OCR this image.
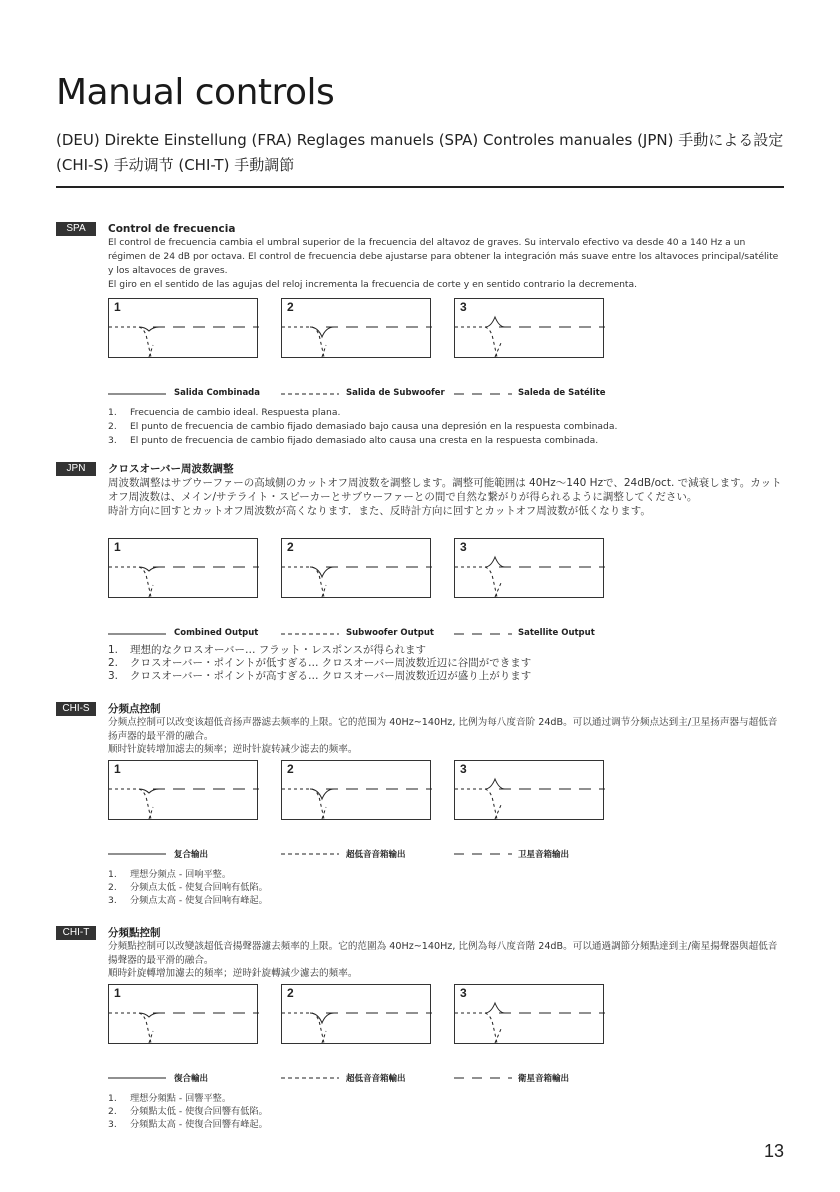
Manual controls
(DEU) Direkte Einstellung (FRA) Reglages manuels (SPA) Controles manuales (JPN) 手動による設定 (CHI-S) 手动调节 (CHI-T) 手動調節
SPA	Control de frecuencia
El control de frecuencia cambia el umbral superior de la frecuencia del altavoz de graves. Su intervalo efectivo va desde 40 a 140 Hz a un régimen de 24 dB por octava. El control de frecuencia debe ajustarse para obtener la integración más suave entre los altavoces principal/satélite y los altavoces de graves.
El giro en el sentido de las agujas del reloj incrementa la frecuencia de corte y en sentido contrario la decrementa.
1	2	3
Salida Combinada	Salida de Subwoofer	Saleda de Satélite
1. Frecuencia de cambio ideal. Respuesta plana.
2. El punto de frecuencia de cambio fijado demasiado bajo causa una depresión en la respuesta combinada.
3. El punto de frecuencia de cambio fijado demasiado alto causa una cresta en la respuesta combinada.
JPN	クロスオーバー周波数調整
周波数調整はサブウーファーの高域側のカットオフ周波数を調整します。調整可能範囲は 40Hz〜140 Hzで、24dB/oct. で減衰します。カットオフ周波数は、メイン/サテライト・スピーカーとサブウーファーとの間で自然な繋がりが得られるように調整してください。
時計方向に回すとカットオフ周波数が高くなります．また、反時計方向に回すとカットオフ周波数が低くなります。
1	2	3
Combined Output	Subwoofer Output	Satellite Output
1. 理想的なクロスオーバー… フラット・レスポンスが得られます
2. クロスオーバー・ポイントが低すぎる… クロスオーバー周波数近辺に谷間ができます
3. クロスオーバー・ポイントが高すぎる… クロスオーバー周波数近辺が盛り上がります
CHI-S	分频点控制
分频点控制可以改变该超低音扬声器滤去频率的上限。它的范围为 40Hz~140Hz, 比例为每八度音阶 24dB。可以通过调节分频点达到主/卫星扬声器与超低音扬声器的最平滑的融合。
顺时针旋转增加滤去的频率；逆时针旋转减少滤去的频率。
1	2	3
复合输出	超低音音箱输出	卫星音箱输出
1. 理想分频点 - 回响平整。
2. 分频点太低 - 使复合回响有低陷。
3. 分频点太高 - 使复合回响有峰起。
CHI-T	分頻點控制
分頻點控制可以改變該超低音揚聲器濾去頻率的上限。它的范圍為 40Hz~140Hz, 比例為每八度音階 24dB。可以通過調節分頻點達到主/衛星揚聲器與超低音揚聲器的最平滑的融合。
順時針旋轉增加濾去的頻率；逆時針旋轉減少濾去的頻率。
1	2	3
復合輸出	超低音音箱輸出	衛星音箱輸出
1. 理想分頻點 - 回響平整。
2. 分頻點太低 - 使復合回響有低陷。
3. 分頻點太高 - 使復合回響有峰起。
13
